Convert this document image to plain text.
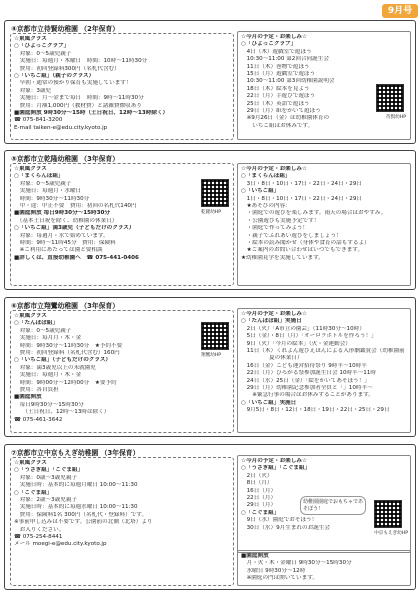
9月号
④京都市立待賢幼稚園 （2年保育）
☆東風クラス
○「ひよっこクラブ」
　対象：0～5歳児親子
　実施日：毎週月・木曜日　時間：10時～11時30分
　費用：初回登録料300円（名札代含む）
○「いちご組」（親子のクラス）
　早朝・通常の預かり保育も実施しています！
　対象：3歳児
　実施日：月～金まで毎日　時間：9時～11時30分
　費用：月額1,000円（教材費）と諸雑費徴収あり
■園庭開放 9時30分～15時（土日祝日、12時～13時除く）
☎ 075-841-3200
E-mail taiken-e@edu.city.kyoto.jp
☆今月の予定・お楽しみ☆
○「ひよっこクラブ」
　4日（木）遊戯室で遊ぼう
　10:30～11:00 第2回合同誕生会
　11日（木）巻物で遊ぼう
　15日（月）遊戯室で遊ぼう
　10:30～11:00 第3回幼稚園説明会
　18日（木）絵本を見よう
　22日（月）手遊びで遊ぼう
　25日（木）英語で遊ぼう
　29日（月）紙をかいて遊ぼう
　※9月26日（金）は幼稚園体育の
　　いちご組はお休みです。
待賢幼HP
⑤京都市立乾隆幼稚園 （3年保育）
☆東風クラス
○「まくらんぼ組」
　対象：0～5歳児親子
　実施日：毎週月・水曜日
　時間：9時30分～11時30分
　中・途：中止不要　費用：初回の名札代140円
■園庭開放 毎日9時30分～15時30分
　（基本土日祝を除く、幼稚園の休業日）
○「いちご組」満3歳児（子どもだけのクラス）
　対象：毎週月・水で始めています。
　時間：9時～11時45分　費用：保険料
　※ご利用にあたっては園と要相談
■詳しくは、直接幼稚園へ　☎ 075-441-0406
乾隆幼HP
☆今月の予定・お楽しみ☆
○「まくらんぼ組」
　3日・8日・10日・17日・22日・24日・29日
○「いちご組」
　1日・8日・10日・17日・22日・24日・29日
　★あそびの内容：
　・園庭での遊びを楽しみます。雨天の場合はおやすみ。
　・公園遊びも実施予定です！
　・園庭で作ってみよう！
　・親子でふれあい遊びをしましょう！
　・絵本の読み聞かせ（身体や食育の話もするよ）
　★ご案内のお問い合わせはいつでもできます。
★幼稚園見学を実施しています。
⑥京都市立翔鸞幼稚園 （3年保育）
☆東風クラス
○「たんぽぽ組」
　対象：0～5歳児親子
　実施日：毎月月・木・金
　時間：9時30分～11時30分　★予約不要
　費用：初回登録料（名札代含む）160円
○「いちご組」（子どもだけのクラス）
　対象：満3歳児以上の未就園児
　実施日：毎週月・木・金
　時間：9時00分～12時00分　★要予約
　費用：各自負担
■園庭開放
　毎日9時30分～15時30分
　　（土日祝日、12時～13時は除く）
☎ 075-461-3642
翔鸞幼HP
☆今月の予定・お楽しみ☆
○「たんぽぽ組」実施日
　2日（火）「A市立の園芸」（11時30分～10時）
　5日（金）・8日（月）「オーロラボトルを作ろう！」
　9日（火）「今月の絵本」（火・金運動会）
　11日（木）くれよん遊びえほんによる入形劇鑑賞会（幼稚園前
　　　　　夏の休業日）
　16日（金）こども運営招待祭り 9時半～10時半
　22日（月）ひろがる祭参加誕生日会 10時半～11時
　24日（水）25日（金）「絵をかいてあそぼう！」
　29日（月）幼稚園記念参加者全員と「」10時半～
　　※緊急行事の場合はお休みすることがあります。
○「いちご組」実施日
　9月5日・8日・12日・18日・19日・22日・25日・29日
⑦京都市立中京もえぎ幼稚園 （3年保育）
☆東風クラス
○「うさぎ組」「こぐま組」
　対象：0歳～3歳児親子
　実施日時：基本的に毎週月曜日 10:00～11:30
○「こぐま組」
　対象：2歳～3歳児親子
　実施日時：基本的に毎週水曜日 10:00～11:30
　費用：保険料1名 300円（名札代・登録料）です。
※事前申し込みは不要です。公園前の北側（北塔）より
　お入りください。
☎ 075-254-8441
メール moegi-e@edu.city.kyoto.jp
☆今月の予定・お楽しみ☆
○「うさぎ組」「こぐま組」
　2日（火）
　8日（月）
　16日（月）
　22日（月）
　29日（月）
○「こぐま組」
　9日（水）園庭でおそぼう！
　30日（水）9月生まれのお誕生会
幼稚園園庭でおもちゃであそぼう！
中京もえぎ幼HP
■園庭開放
　月・火・木・金曜日 9時30分～15時30分
　水曜日 9時30分～12時
　※園庭の門は開いています。
